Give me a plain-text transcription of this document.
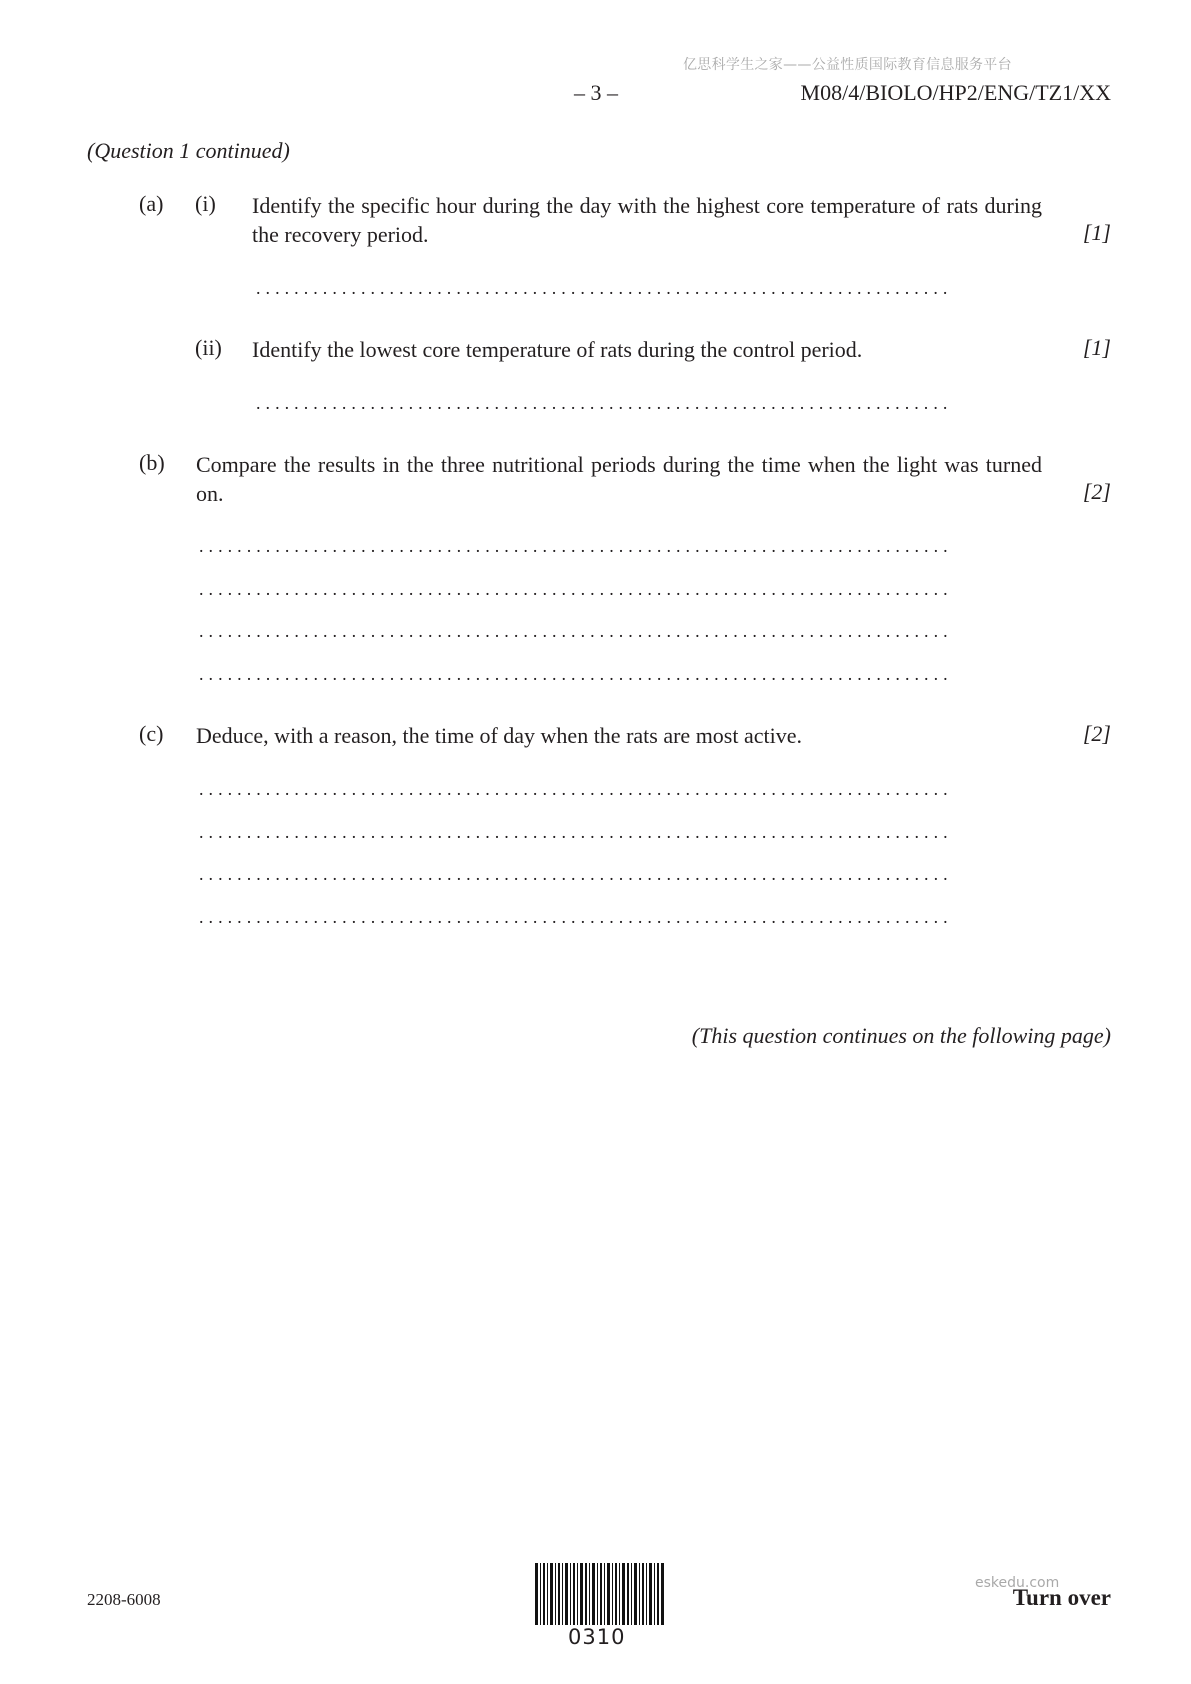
亿思科学生之家——公益性质国际教育信息服务平台
– 3 –	M08/4/BIOLO/HP2/ENG/TZ1/XX
(Question 1 continued)
(a) (i) Identify the specific hour during the day with the highest core temperature of rats during the recovery period.	[1]
.........................................................................
(ii) Identify the lowest core temperature of rats during the control period.	[1]
.........................................................................
(b) Compare the results in the three nutritional periods during the time when the light was turned on.	[2]
...............................................................................
...............................................................................
...............................................................................
...............................................................................
(c) Deduce, with a reason, the time of day when the rats are most active.	[2]
...............................................................................
...............................................................................
...............................................................................
...............................................................................
(This question continues on the following page)
2208-6008
0310
eskedu.com
Turn over
